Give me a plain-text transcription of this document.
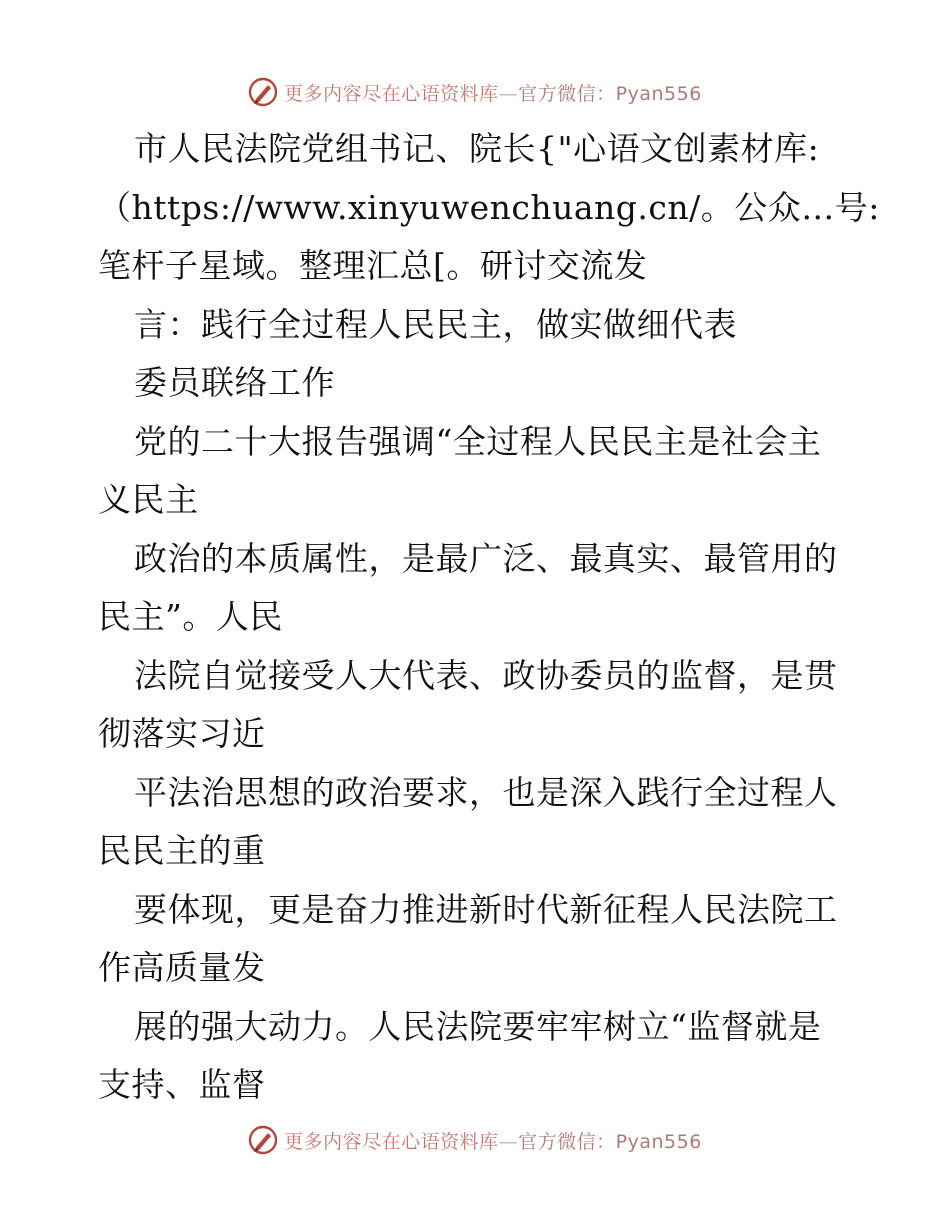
更多内容尽在心语资料库—官方微信：Pyan556
市人民法院党组书记、院长{"心语文创素材库:
（https://www.xinyuwenchuang.cn/。公众…号:
笔杆子星域。整理汇总[。研讨交流发
言：践行全过程人民民主，做实做细代表
委员联络工作
党的二十大报告强调“全过程人民民主是社会主
义民主
政治的本质属性，是最广泛、最真实、最管用的
民主”。人民
法院自觉接受人大代表、政协委员的监督，是贯
彻落实习近
平法治思想的政治要求，也是深入践行全过程人
民民主的重
要体现，更是奋力推进新时代新征程人民法院工
作高质量发
展的强大动力。人民法院要牢牢树立“监督就是
支持、监督
更多内容尽在心语资料库—官方微信：Pyan556
